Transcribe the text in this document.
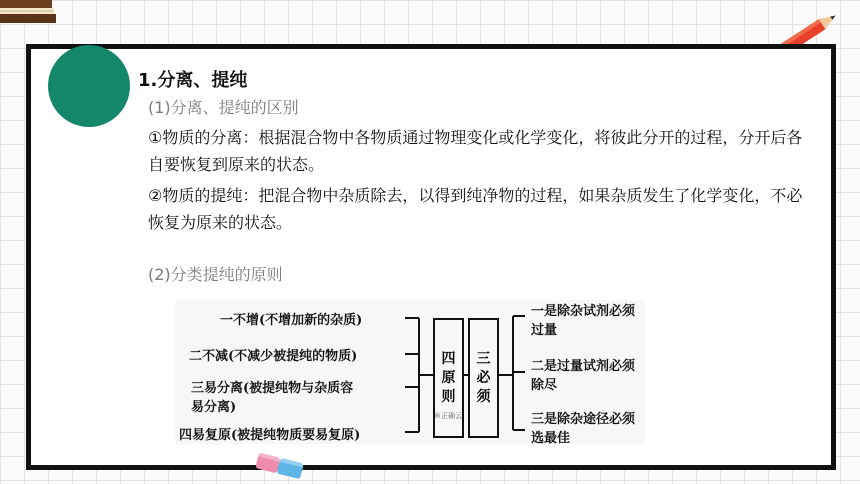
1.分离、提纯
(1)分离、提纯的区别
①物质的分离：根据混合物中各物质通过物理变化或化学变化，将彼此分开的过程，分开后各自要恢复到原来的状态。
②物质的提纯：把混合物中杂质除去，以得到纯净物的过程，如果杂质发生了化学变化，不必恢复为原来的状态。
(2)分类提纯的原则
一不增(不增加新的杂质)
二不减(不减少被提纯的物质)
三易分离(被提纯物与杂质容
易分离)
四易复原(被提纯物质要易复原)
四原则
®正确云
三必须
一是除杂试剂必须过量
二是过量试剂必须除尽
三是除杂途径必须选最佳
